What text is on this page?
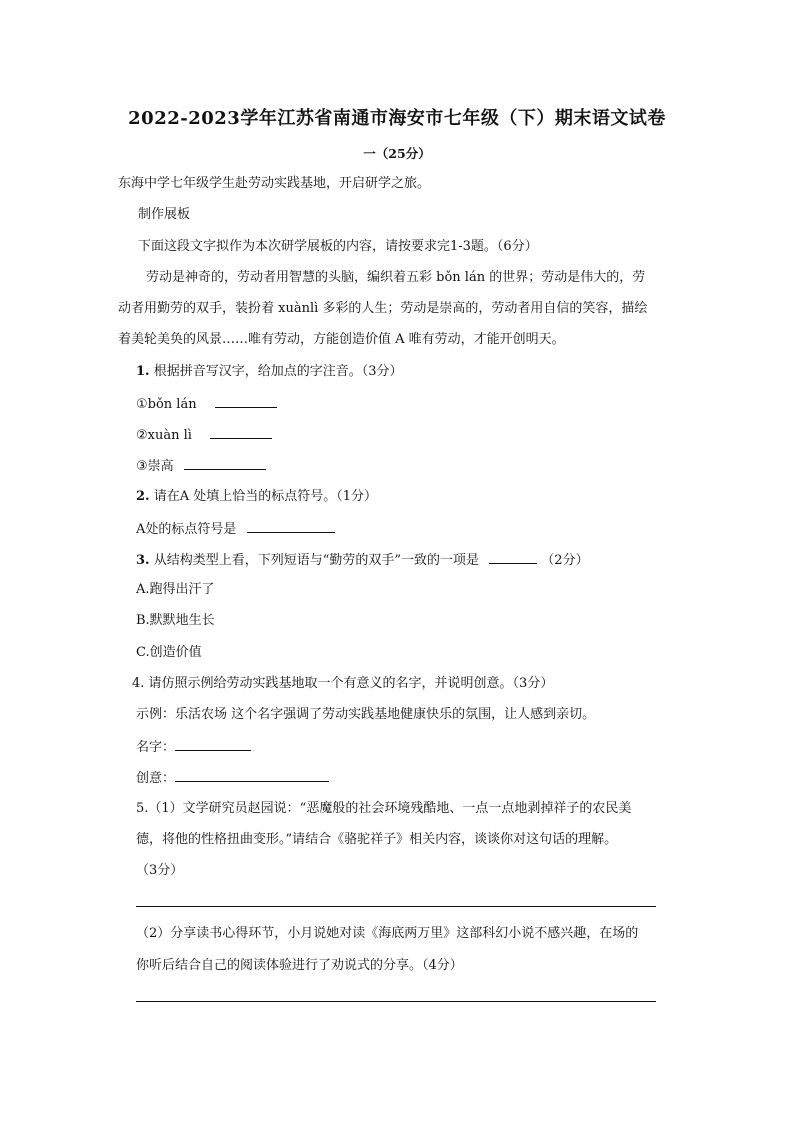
2022-2023学年江苏省南通市海安市七年级（下）期末语文试卷
一（25分）
东海中学七年级学生赴劳动实践基地，开启研学之旅。
制作展板
下面这段文字拟作为本次研学展板的内容，请按要求完1-3题。（6分）
劳动是神奇的，劳动者用智慧的头脑，编织着五彩 bǒn lán 的世界；劳动是伟大的，劳
动者用勤劳的双手，装扮着 xuànlì 多彩的人生；劳动是崇高的，劳动者用自信的笑容，描绘
着美轮美奂的风景……唯有劳动，方能创造价值 A 唯有劳动，才能开创明天。
1. 根据拼音写汉字，给加点的字注音。（3分）
①bǒn lán
②xuàn lì
③崇高
2. 请在A 处填上恰当的标点符号。（1分）
A处的标点符号是
3. 从结构类型上看，下列短语与“勤劳的双手”一致的一项是	（2分）
A.跑得出汗了
B.默默地生长
C.创造价值
4. 请仿照示例给劳动实践基地取一个有意义的名字，并说明创意。（3分）
示例：乐活农场 这个名字强调了劳动实践基地健康快乐的氛围，让人感到亲切。
名字：
创意：
5.（1）文学研究员赵园说：“恶魔般的社会环境残酷地、一点一点地剥掉祥子的农民美
德，将他的性格扭曲变形。”请结合《骆驼祥子》相关内容，谈谈你对这句话的理解。
（3分）
（2）分享读书心得环节，小月说她对读《海底两万里》这部科幻小说不感兴趣，在场的
你听后结合自己的阅读体验进行了劝说式的分享。（4分）
